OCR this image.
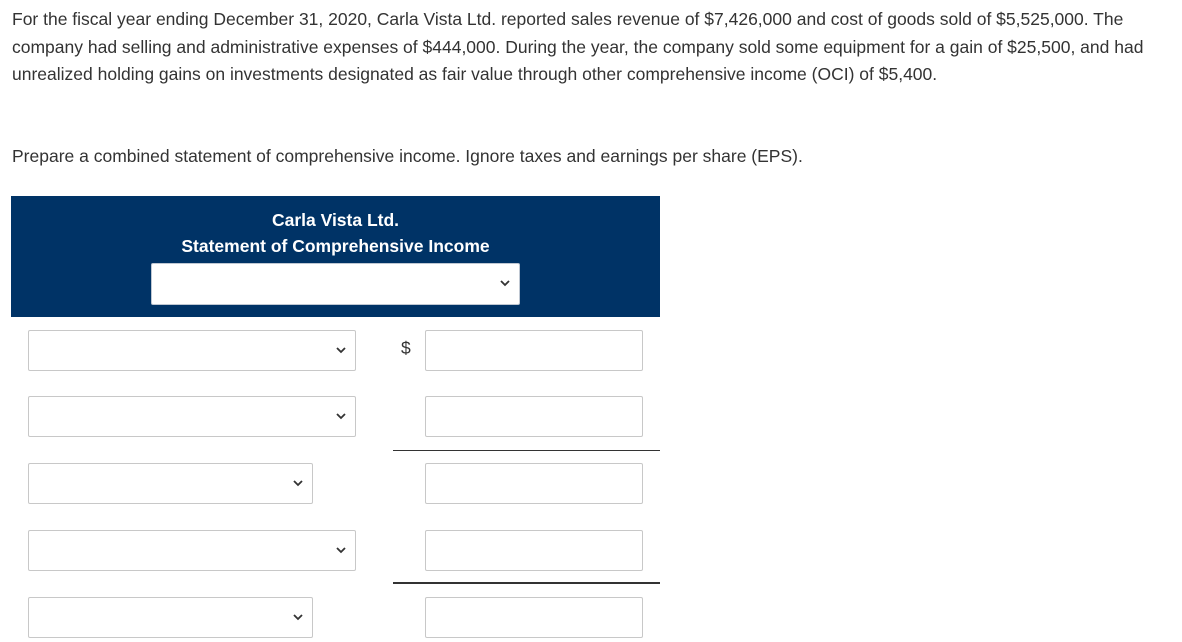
For the fiscal year ending December 31, 2020, Carla Vista Ltd. reported sales revenue of $7,426,000 and cost of goods sold of $5,525,000. The company had selling and administrative expenses of $444,000. During the year, the company sold some equipment for a gain of $25,500, and had unrealized holding gains on investments designated as fair value through other comprehensive income (OCI) of $5,400.
Prepare a combined statement of comprehensive income. Ignore taxes and earnings per share (EPS).
Carla Vista Ltd.
Statement of Comprehensive Income
$
